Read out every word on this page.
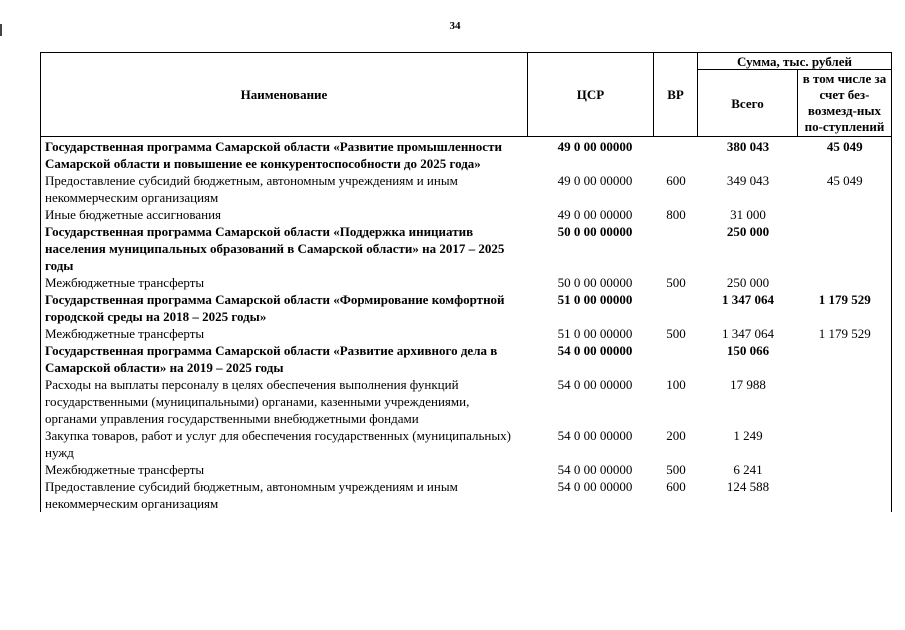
34
Наименование	ЦСР	ВР	Сумма, тыс. рублей	
			Всего	в том числе за счет без-возмезд-ных по-ступлений
Государственная программа Самарской области «Развитие промышленности Самарской области и повышение ее конкурентоспособности до 2025 года»	49 0 00 00000		380 043	45 049
Предоставление субсидий бюджетным, автономным учреждениям и иным некоммерческим организациям	49 0 00 00000	600	349 043	45 049
Иные бюджетные ассигнования	49 0 00 00000	800	31 000	
Государственная программа Самарской области «Поддержка инициатив населения муниципальных образований в Самарской области» на 2017 – 2025 годы	50 0 00 00000		250 000	
Межбюджетные трансферты	50 0 00 00000	500	250 000	
Государственная программа Самарской области «Формирование комфортной городской среды на 2018 – 2025 годы»	51 0 00 00000		1 347 064	1 179 529
Межбюджетные трансферты	51 0 00 00000	500	1 347 064	1 179 529
Государственная программа Самарской области «Развитие архивного дела в Самарской области» на 2019 – 2025 годы	54 0 00 00000		150 066	
Расходы на выплаты персоналу в целях обеспечения выполнения функций государственными (муниципальными) органами, казенными учреждениями, органами управления государственными внебюджетными фондами	54 0 00 00000	100	17 988	
Закупка товаров, работ и услуг для обеспечения государственных (муниципальных) нужд	54 0 00 00000	200	1 249	
Межбюджетные трансферты	54 0 00 00000	500	6 241	
Предоставление субсидий бюджетным, автономным учреждениям и иным некоммерческим организациям	54 0 00 00000	600	124 588	
